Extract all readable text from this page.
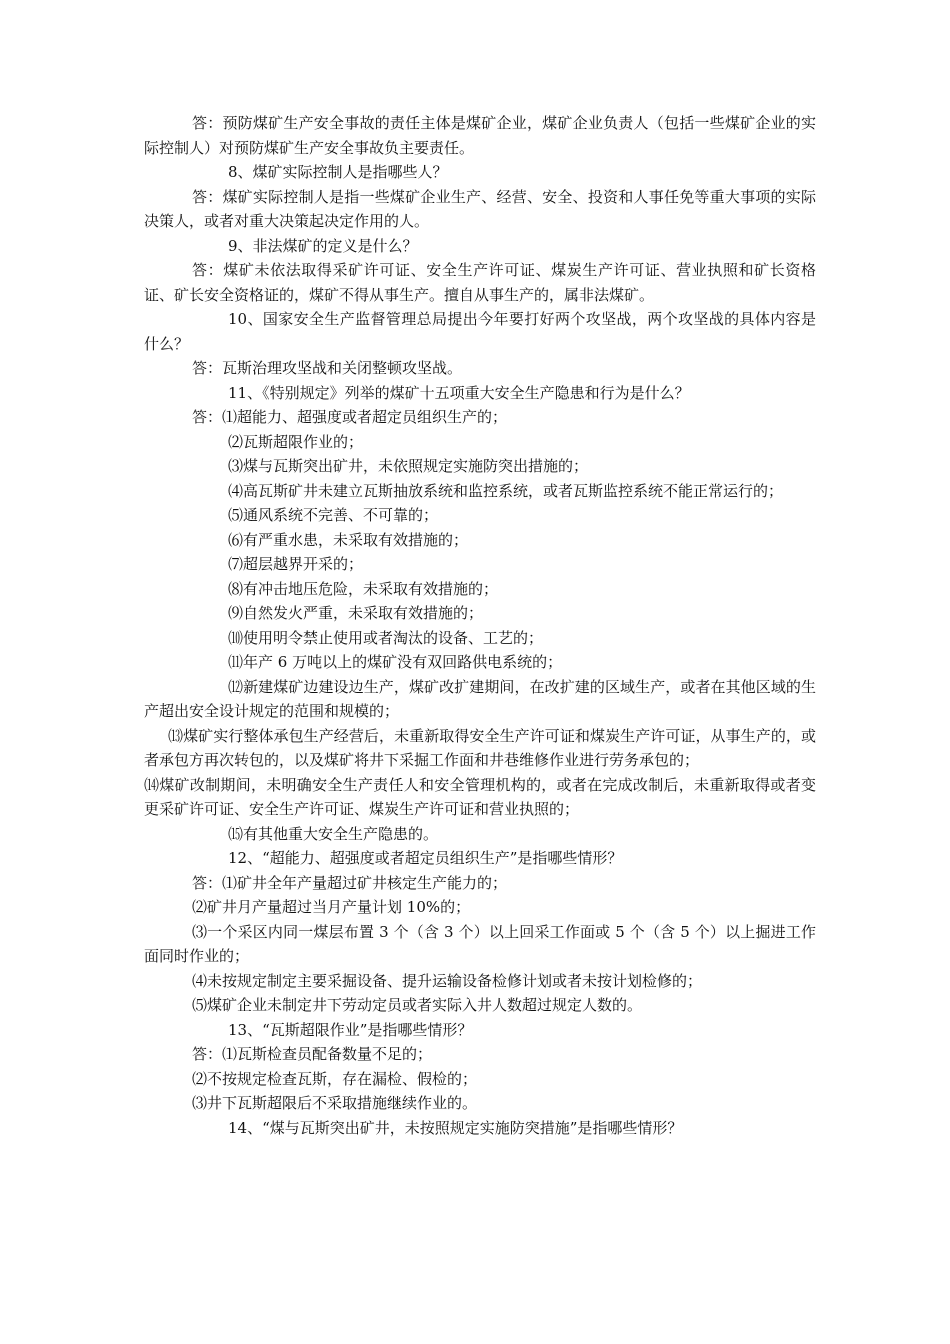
答：预防煤矿生产安全事故的责任主体是煤矿企业，煤矿企业负责人（包括一些煤矿企业的实际控制人）对预防煤矿生产安全事故负主要责任。

8、煤矿实际控制人是指哪些人？

答：煤矿实际控制人是指一些煤矿企业生产、经营、安全、投资和人事任免等重大事项的实际决策人，或者对重大决策起决定作用的人。

9、非法煤矿的定义是什么？

答：煤矿未依法取得采矿许可证、安全生产许可证、煤炭生产许可证、营业执照和矿长资格证、矿长安全资格证的，煤矿不得从事生产。擅自从事生产的，属非法煤矿。

10、国家安全生产监督管理总局提出今年要打好两个攻坚战，两个攻坚战的具体内容是什么？

答：瓦斯治理攻坚战和关闭整顿攻坚战。

11、《特别规定》列举的煤矿十五项重大安全生产隐患和行为是什么？

答：⑴超能力、超强度或者超定员组织生产的；

⑵瓦斯超限作业的；

⑶煤与瓦斯突出矿井，未依照规定实施防突出措施的；

⑷高瓦斯矿井未建立瓦斯抽放系统和监控系统，或者瓦斯监控系统不能正常运行的；

⑸通风系统不完善、不可靠的；

⑹有严重水患，未采取有效措施的；

⑺超层越界开采的；

⑻有冲击地压危险，未采取有效措施的；

⑼自然发火严重，未采取有效措施的；

⑽使用明令禁止使用或者淘汰的设备、工艺的；

⑾年产 6 万吨以上的煤矿没有双回路供电系统的；

⑿新建煤矿边建设边生产，煤矿改扩建期间，在改扩建的区域生产，或者在其他区域的生产超出安全设计规定的范围和规模的；

⒀煤矿实行整体承包生产经营后，未重新取得安全生产许可证和煤炭生产许可证，从事生产的，或者承包方再次转包的，以及煤矿将井下采掘工作面和井巷维修作业进行劳务承包的；

⒁煤矿改制期间，未明确安全生产责任人和安全管理机构的，或者在完成改制后，未重新取得或者变更采矿许可证、安全生产许可证、煤炭生产许可证和营业执照的；

⒂有其他重大安全生产隐患的。

12、“超能力、超强度或者超定员组织生产”是指哪些情形？

答：⑴矿井全年产量超过矿井核定生产能力的；

⑵矿井月产量超过当月产量计划 10%的；

⑶一个采区内同一煤层布置 3 个（含 3 个）以上回采工作面或 5 个（含 5 个）以上掘进工作面同时作业的；

⑷未按规定制定主要采掘设备、提升运输设备检修计划或者未按计划检修的；

⑸煤矿企业未制定井下劳动定员或者实际入井人数超过规定人数的。

13、“瓦斯超限作业”是指哪些情形？

答：⑴瓦斯检查员配备数量不足的；

⑵不按规定检查瓦斯，存在漏检、假检的；

⑶井下瓦斯超限后不采取措施继续作业的。

14、“煤与瓦斯突出矿井，未按照规定实施防突措施”是指哪些情形？
